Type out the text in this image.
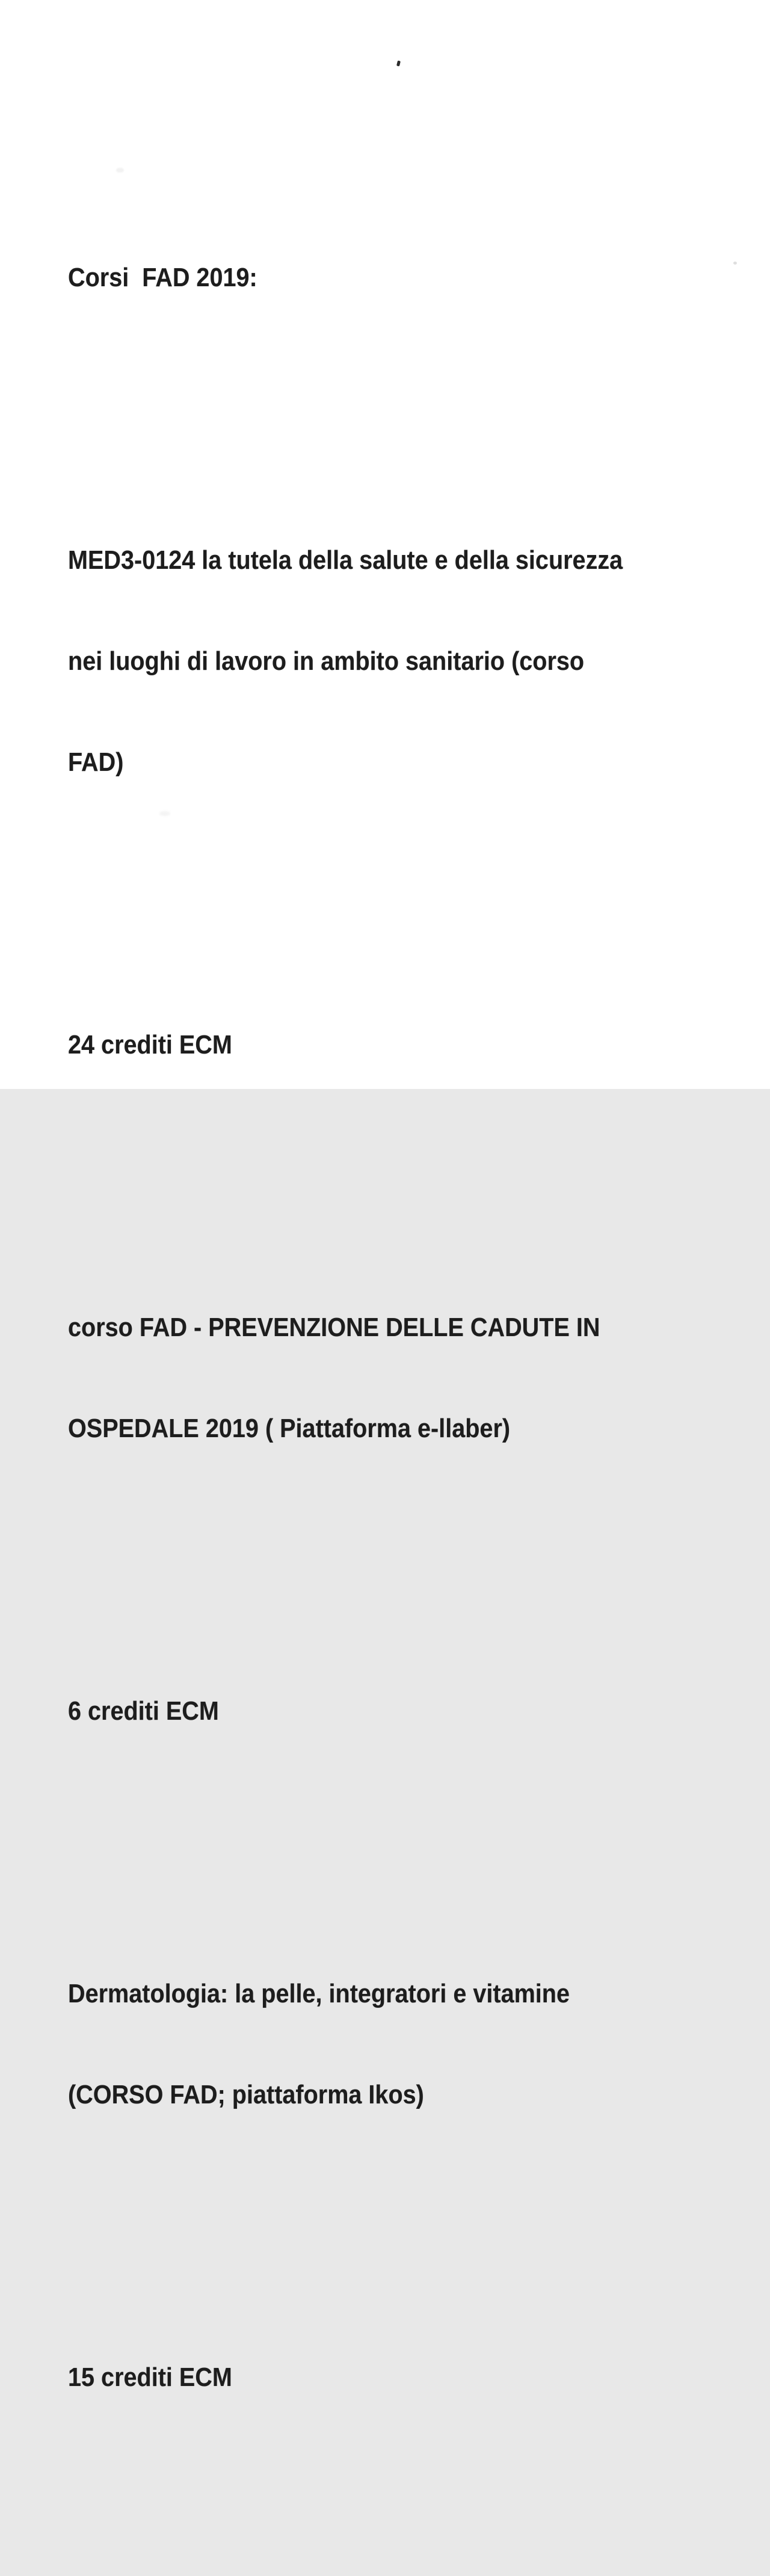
Corsi  FAD 2019:

MED3-0124 la tutela della salute e della sicurezza

nei luoghi di lavoro in ambito sanitario (corso

FAD)

24 crediti ECM

corso FAD - PREVENZIONE DELLE CADUTE IN

OSPEDALE 2019 ( Piattaforma e-llaber)

6 crediti ECM

Dermatologia: la pelle, integratori e vitamine

(CORSO FAD; piattaforma Ikos)

15 crediti ECM
